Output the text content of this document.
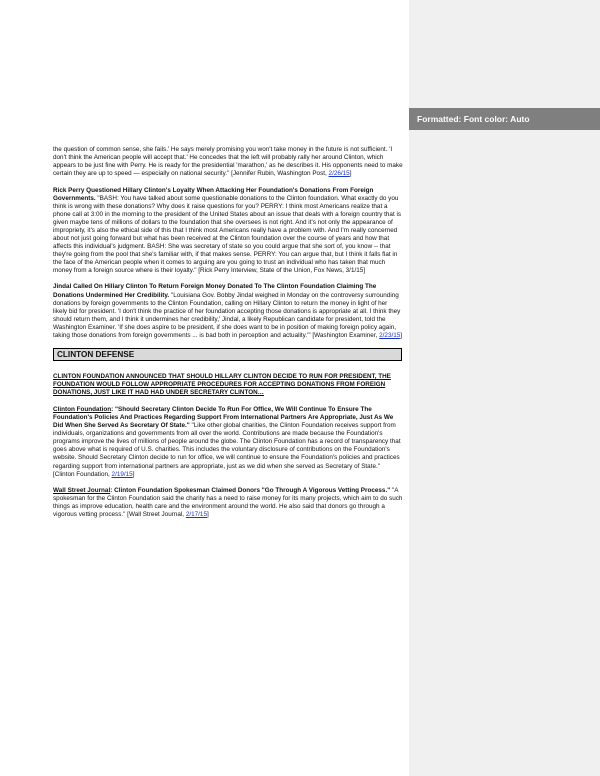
Formatted: Font color: Auto

the question of common sense, she fails.' He says merely promising you won't take money in the future is not sufficient. 'I don't think the American people will accept that.' He concedes that the left will probably rally her around Clinton, which appears to be just fine with Perry. He is ready for the presidential 'marathon,' as he describes it. His opponents need to make certain they are up to speed — especially on national security." [Jennifer Rubin, Washington Post, 2/26/15]

Rick Perry Questioned Hillary Clinton's Loyalty When Attacking Her Foundation's Donations From Foreign Governments. "BASH: You have talked about some questionable donations to the Clinton foundation. What exactly do you think is wrong with these donations? Why does it raise questions for you? PERRY: I think most Americans realize that a phone call at 3:00 in the morning to the president of the United States about an issue that deals with a foreign country that is given maybe tens of millions of dollars to the foundation that she oversees is not right. And it's not only the appearance of impropriety, it's also the ethical side of this that I think most Americans really have a problem with. And I'm really concerned about not just going forward but what has been received at the Clinton foundation over the course of years and how that affects this individual's judgment. BASH: She was secretary of state so you could argue that she sort of, you know -- that they're going from the pool that she's familiar with, if that makes sense. PERRY: You can argue that, but I think it falls flat in the face of the American people when it comes to arguing are you going to trust an individual who has taken that much money from a foreign source where is their loyalty." [Rick Perry Interview, State of the Union, Fox News, 3/1/15]

Jindal Called On Hillary Clinton To Return Foreign Money Donated To The Clinton Foundation Claiming The Donations Undermined Her Credibility. "Louisiana Gov. Bobby Jindal weighed in Monday on the controversy surrounding donations by foreign governments to the Clinton Foundation, calling on Hillary Clinton to return the money in light of her likely bid for president. 'I don't think the practice of her foundation accepting those donations is appropriate at all. I think they should return them, and I think it undermines her credibility,' Jindal, a likely Republican candidate for president, told the Washington Examiner. 'If she does aspire to be president, if she does want to be in position of making foreign policy again, taking those donations from foreign governments ... is bad both in perception and actuality.'" [Washington Examiner, 2/23/15]

CLINTON DEFENSE
CLINTON FOUNDATION ANNOUNCED THAT SHOULD HILLARY CLINTON DECIDE TO RUN FOR PRESIDENT, THE FOUNDATION WOULD FOLLOW APPROPRIATE PROCEDURES FOR ACCEPTING DONATIONS FROM FOREIGN DONATIONS, JUST LIKE IT HAD HAD UNDER SECRETARY CLINTON…

Clinton Foundation: "Should Secretary Clinton Decide To Run For Office, We Will Continue To Ensure The Foundation's Policies And Practices Regarding Support From International Partners Are Appropriate, Just As We Did When She Served As Secretary Of State." "Like other global charities, the Clinton Foundation receives support from individuals, organizations and governments from all over the world. Contributions are made because the Foundation's programs improve the lives of millions of people around the globe. The Clinton Foundation has a record of transparency that goes above what is required of U.S. charities. This includes the voluntary disclosure of contributions on the Foundation's website. Should Secretary Clinton decide to run for office, we will continue to ensure the Foundation's policies and practices regarding support from international partners are appropriate, just as we did when she served as Secretary of State." [Clinton Foundation, 2/19/15]

Wall Street Journal: Clinton Foundation Spokesman Claimed Donors "Go Through A Vigorous Vetting Process." "A spokesman for the Clinton Foundation said the charity has a need to raise money for its many projects, which aim to do such things as improve education, health care and the environment around the world. He also said that donors go through a vigorous vetting process." [Wall Street Journal, 2/17/15]
